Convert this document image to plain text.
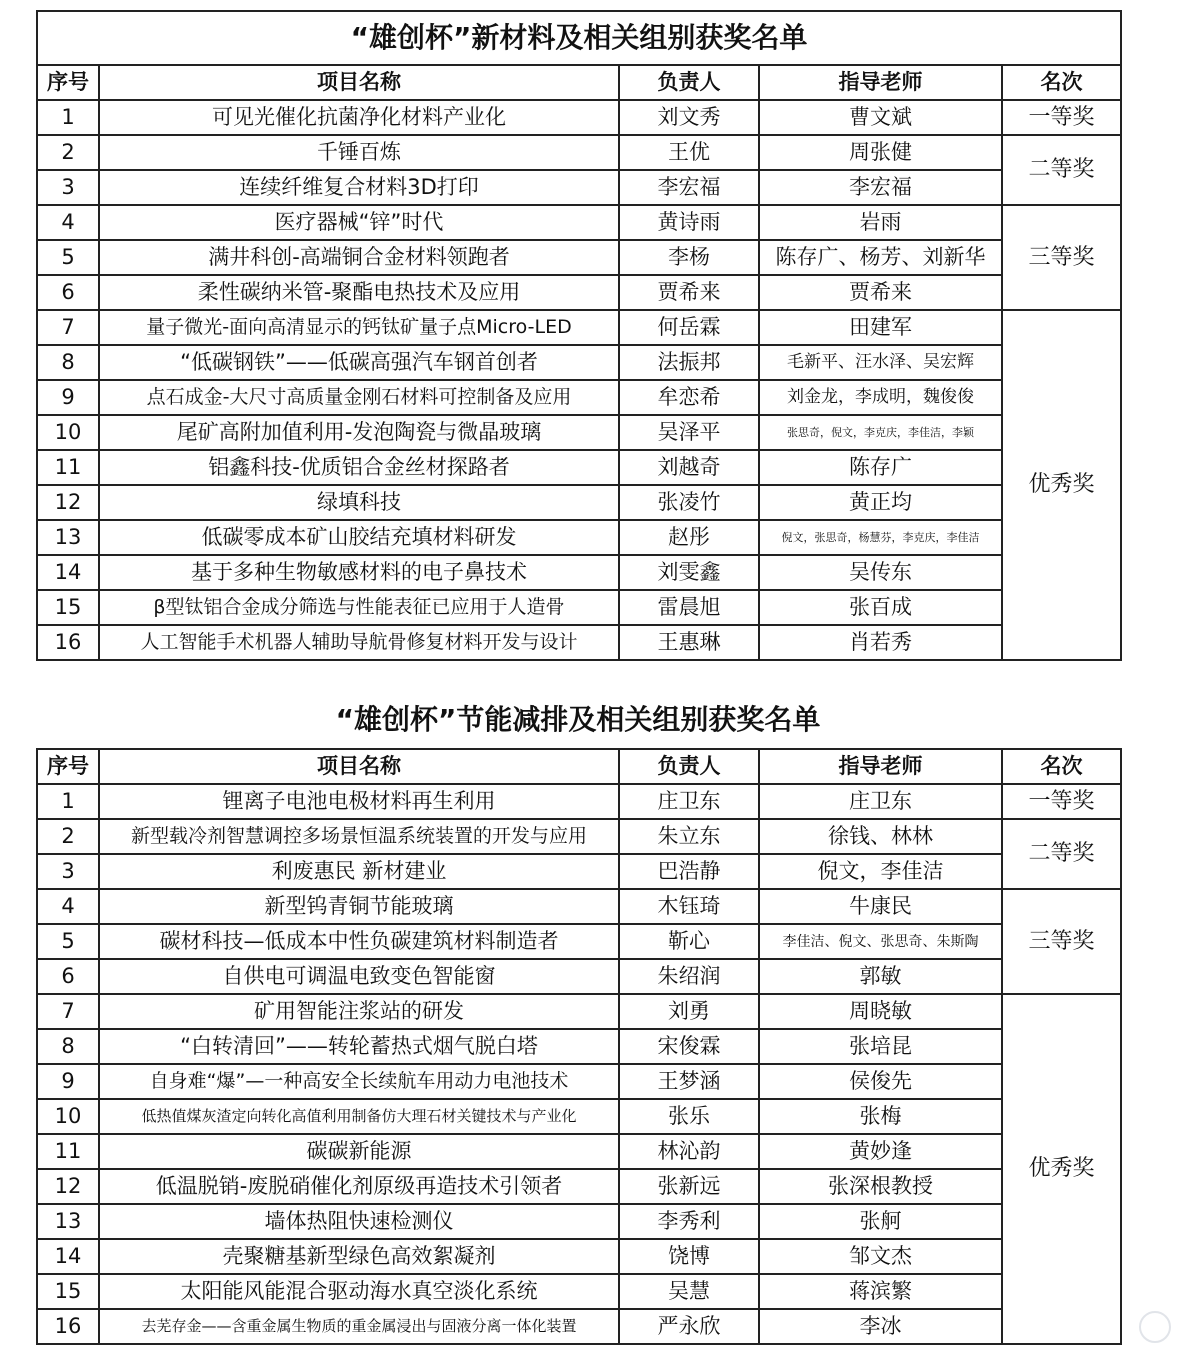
“雄创杯”新材料及相关组别获奖名单				
序号	项目名称	负责人	指导老师	名次
1	可见光催化抗菌净化材料产业化	刘文秀	曹文斌	一等奖
2	千锤百炼	王优	周张健	二等奖
3	连续纤维复合材料3D打印	李宏福	李宏福	
4	医疗器械“锌”时代	黄诗雨	岩雨	三等奖
5	满井科创-高端铜合金材料领跑者	李杨	陈存广、杨芳、刘新华	
6	柔性碳纳米管-聚酯电热技术及应用	贾希来	贾希来	
7	量子微光-面向高清显示的钙钛矿量子点Micro-LED	何岳霖	田建军	优秀奖
8	“低碳钢铁”——低碳高强汽车钢首创者	法振邦	毛新平、汪水泽、吴宏辉	
9	点石成金-大尺寸高质量金刚石材料可控制备及应用	牟恋希	刘金龙，李成明，魏俊俊	
10	尾矿高附加值利用-发泡陶瓷与微晶玻璃	吴泽平	张思奇，倪文，李克庆，李佳洁，李颖	
11	铝鑫科技-优质铝合金丝材探路者	刘越奇	陈存广	
12	绿填科技	张凌竹	黄正均	
13	低碳零成本矿山胶结充填材料研发	赵彤	倪文，张思奇，杨慧芬，李克庆，李佳洁	
14	基于多种生物敏感材料的电子鼻技术	刘雯鑫	吴传东	
15	β型钛铝合金成分筛选与性能表征已应用于人造骨	雷晨旭	张百成	
16	人工智能手术机器人辅助导航骨修复材料开发与设计	王惠琳	肖若秀	
“雄创杯”节能减排及相关组别获奖名单
序号	项目名称	负责人	指导老师	名次
1	锂离子电池电极材料再生利用	庄卫东	庄卫东	一等奖
2	新型载冷剂智慧调控多场景恒温系统装置的开发与应用	朱立东	徐钱、林林	二等奖
3	利废惠民 新材建业	巴浩静	倪文，李佳洁	
4	新型钨青铜节能玻璃	木钰琦	牛康民	三等奖
5	碳材科技—低成本中性负碳建筑材料制造者	靳心	李佳洁、倪文、张思奇、朱斯陶	
6	自供电可调温电致变色智能窗	朱绍润	郭敏	
7	矿用智能注浆站的研发	刘勇	周晓敏	优秀奖
8	“白转清回”——转轮蓄热式烟气脱白塔	宋俊霖	张培昆	
9	自身难“爆”—一种高安全长续航车用动力电池技术	王梦涵	侯俊先	
10	低热值煤灰渣定向转化高值利用制备仿大理石材关键技术与产业化	张乐	张梅	
11	碳碳新能源	林沁韵	黄妙逢	
12	低温脱销-废脱硝催化剂原级再造技术引领者	张新远	张深根教授	
13	墙体热阻快速检测仪	李秀利	张舸	
14	壳聚糖基新型绿色高效絮凝剂	饶博	邹文杰	
15	太阳能风能混合驱动海水真空淡化系统	吴慧	蒋滨繁	
16	去芜存金——含重金属生物质的重金属浸出与固液分离一体化装置	严永欣	李冰	
